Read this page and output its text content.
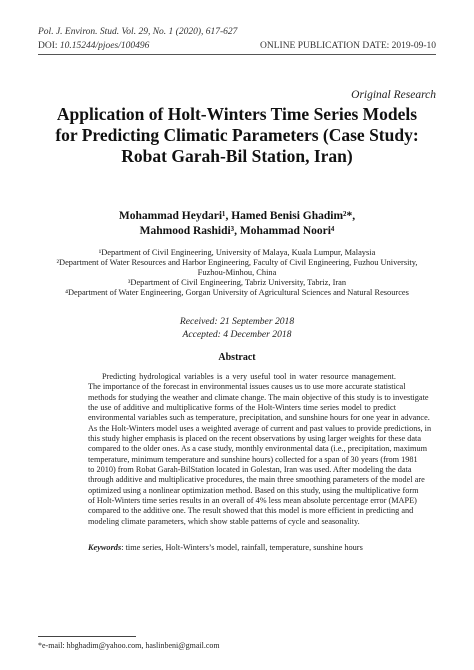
Pol. J. Environ. Stud. Vol. 29, No. 1 (2020), 617-627
DOI: 10.15244/pjoes/100496	ONLINE PUBLICATION DATE: 2019-09-10
Original Research
Application of Holt-Winters Time Series Models
for Predicting Climatic Parameters (Case Study:
Robat Garah-Bil Station, Iran)
Mohammad Heydari¹, Hamed Benisi Ghadim²*,
Mahmood Rashidi³, Mohammad Noori⁴
¹Department of Civil Engineering, University of Malaya, Kuala Lumpur, Malaysia
²Department of Water Resources and Harbor Engineering, Faculty of Civil Engineering, Fuzhou University,
Fuzhou-Minhou, China
³Department of Civil Engineering, Tabriz University, Tabriz, Iran
⁴Department of Water Engineering, Gorgan University of Agricultural Sciences and Natural Resources
Received: 21 September 2018
Accepted: 4 December 2018
Abstract
Predicting hydrological variables is a very useful tool in water resource management.
The importance of the forecast in environmental issues causes us to use more accurate statistical
methods for studying the weather and climate change. The main objective of this study is to investigate
the use of additive and multiplicative forms of the Holt-Winters time series model to predict
environmental variables such as temperature, precipitation, and sunshine hours for one year in advance.
As the Holt-Winters model uses a weighted average of current and past values to provide predictions, in
this study higher emphasis is placed on the recent observations by using larger weights for these data
compared to the older ones. As a case study, monthly environmental data (i.e., precipitation, maximum
temperature, minimum temperature and sunshine hours) collected for a span of 30 years (from 1981
to 2010) from Robat Garah-BilStation located in Golestan, Iran was used. After modeling the data
through additive and multiplicative procedures, the main three smoothing parameters of the model are
optimized using a nonlinear optimization method. Based on this study, using the multiplicative form
of Holt-Winters time series results in an overall of 4% less mean absolute percentage error (MAPE)
compared to the additive one. The result showed that this model is more efficient in predicting and
modeling climate parameters, which show stable patterns of cycle and seasonality.
Keywords: time series, Holt-Winters’s model, rainfall, temperature, sunshine hours
*e-mail: hbghadim@yahoo.com, haslinbeni@gmail.com
